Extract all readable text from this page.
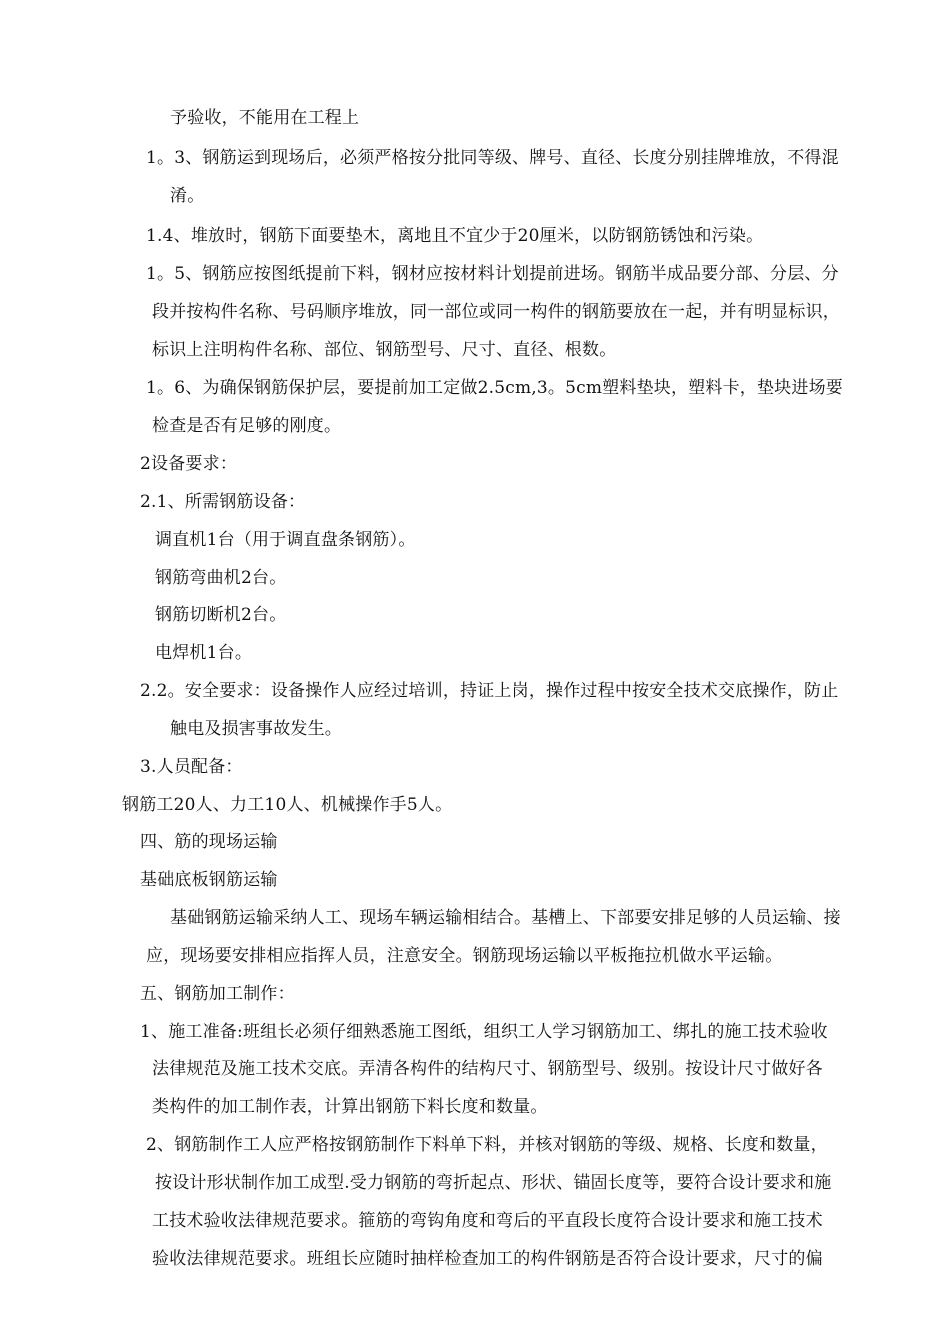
予验收，不能用在工程上
1。3、钢筋运到现场后，必须严格按分批同等级、牌号、直径、长度分别挂牌堆放，不得混
淆。
1.4、堆放时，钢筋下面要垫木，离地且不宜少于20厘米，以防钢筋锈蚀和污染。
1。5、钢筋应按图纸提前下料，钢材应按材料计划提前进场。钢筋半成品要分部、分层、分
段并按构件名称、号码顺序堆放，同一部位或同一构件的钢筋要放在一起，并有明显标识，
标识上注明构件名称、部位、钢筋型号、尺寸、直径、根数。
1。6、为确保钢筋保护层，要提前加工定做2.5cm,3。5cm塑料垫块，塑料卡，垫块进场要
检查是否有足够的刚度。
2设备要求：
2.1、所需钢筋设备：
调直机1台（用于调直盘条钢筋）。
钢筋弯曲机2台。
钢筋切断机2台。
电焊机1台。
2.2。安全要求：设备操作人应经过培训，持证上岗，操作过程中按安全技术交底操作，防止
触电及损害事故发生。
3.人员配备：
钢筋工20人、力工10人、机械操作手5人。
四、筋的现场运输
基础底板钢筋运输
基础钢筋运输采纳人工、现场车辆运输相结合。基槽上、下部要安排足够的人员运输、接
应，现场要安排相应指挥人员，注意安全。钢筋现场运输以平板拖拉机做水平运输。
五、钢筋加工制作：
1、施工准备:班组长必须仔细熟悉施工图纸，组织工人学习钢筋加工、绑扎的施工技术验收
法律规范及施工技术交底。弄清各构件的结构尺寸、钢筋型号、级别。按设计尺寸做好各
类构件的加工制作表，计算出钢筋下料长度和数量。
2、钢筋制作工人应严格按钢筋制作下料单下料，并核对钢筋的等级、规格、长度和数量，
按设计形状制作加工成型.受力钢筋的弯折起点、形状、锚固长度等，要符合设计要求和施
工技术验收法律规范要求。箍筋的弯钩角度和弯后的平直段长度符合设计要求和施工技术
验收法律规范要求。班组长应随时抽样检查加工的构件钢筋是否符合设计要求，尺寸的偏
